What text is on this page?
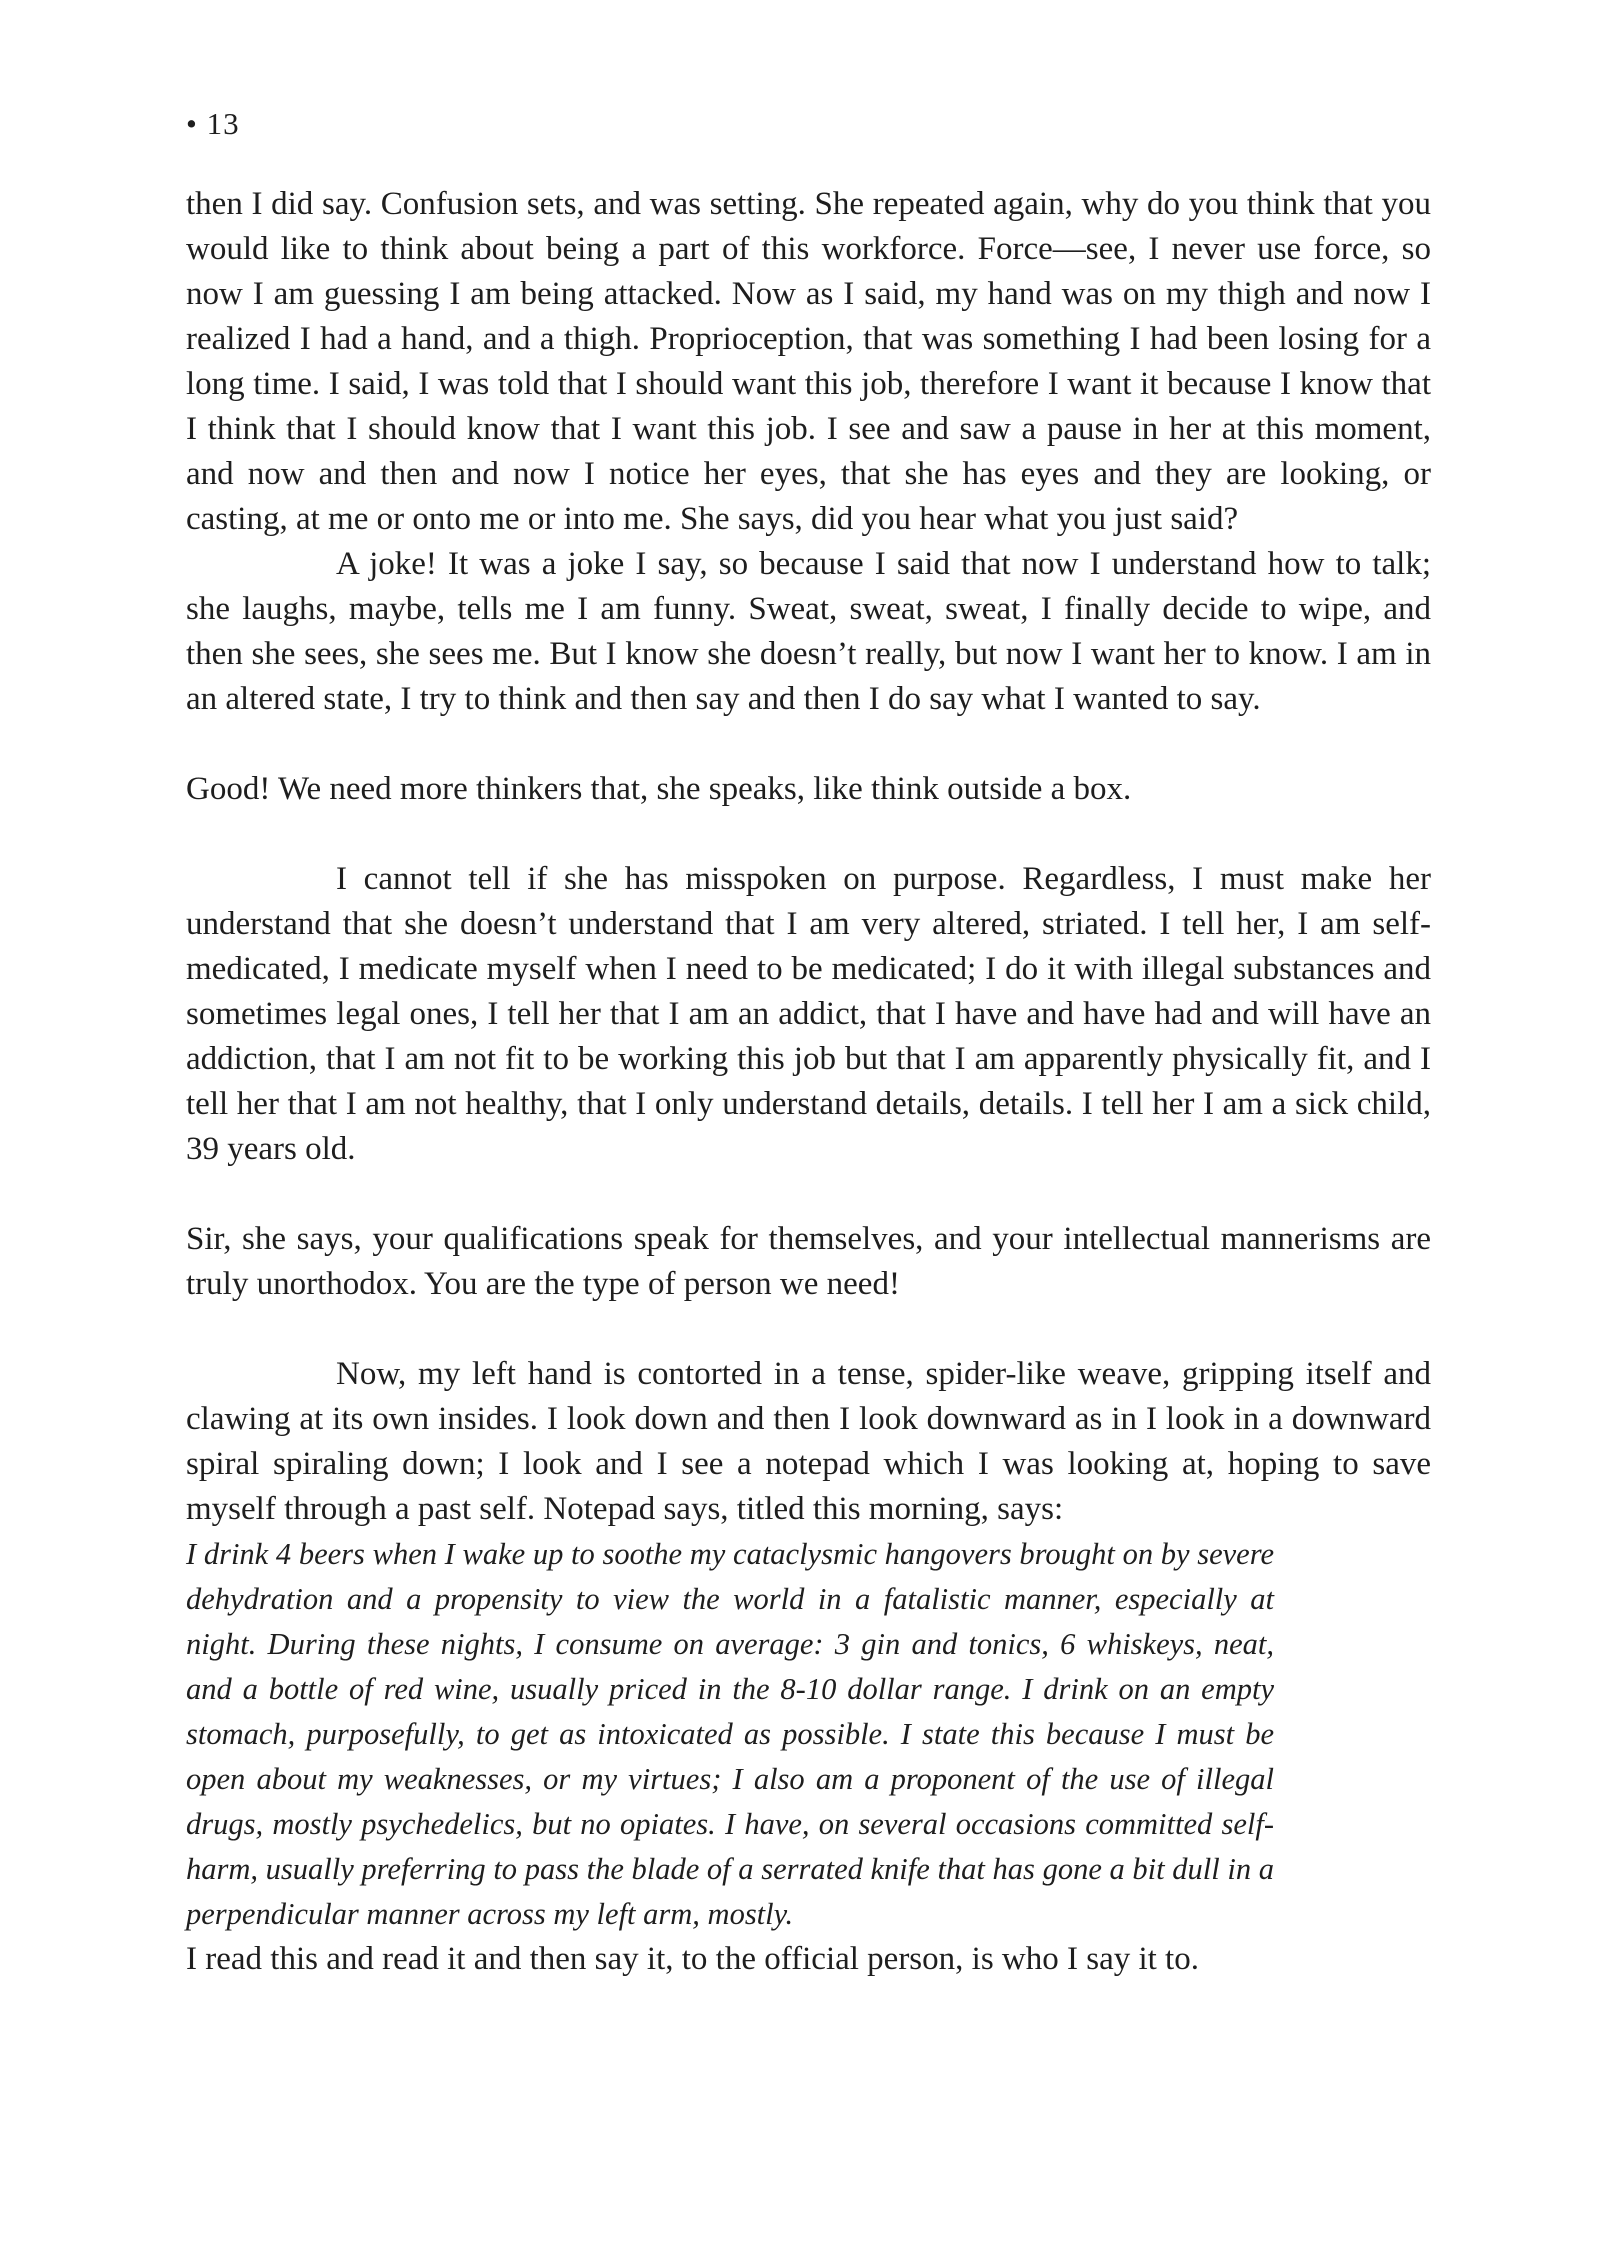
• 13

then I did say. Confusion sets, and was setting. She repeated again, why do you think that you would like to think about being a part of this workforce. Force—see, I never use force, so now I am guessing I am being attacked. Now as I said, my hand was on my thigh and now I realized I had a hand, and a thigh. Proprioception, that was something I had been losing for a long time. I said, I was told that I should want this job, therefore I want it because I know that I think that I should know that I want this job. I see and saw a pause in her at this moment, and now and then and now I notice her eyes, that she has eyes and they are looking, or casting, at me or onto me or into me. She says, did you hear what you just said?

A joke! It was a joke I say, so because I said that now I understand how to talk; she laughs, maybe, tells me I am funny. Sweat, sweat, sweat, I finally decide to wipe, and then she sees, she sees me. But I know she doesn’t really, but now I want her to know. I am in an altered state, I try to think and then say and then I do say what I wanted to say.

Good! We need more thinkers that, she speaks, like think outside a box.

I cannot tell if she has misspoken on purpose. Regardless, I must make her understand that she doesn’t understand that I am very altered, striated. I tell her, I am self-medicated, I medicate myself when I need to be medicated; I do it with illegal substances and sometimes legal ones, I tell her that I am an addict, that I have and have had and will have an addiction, that I am not fit to be working this job but that I am apparently physically fit, and I tell her that I am not healthy, that I only understand details, details. I tell her I am a sick child, 39 years old.

Sir, she says, your qualifications speak for themselves, and your intellectual mannerisms are truly unorthodox. You are the type of person we need!

Now, my left hand is contorted in a tense, spider-like weave, gripping itself and clawing at its own insides. I look down and then I look downward as in I look in a downward spiral spiraling down; I look and I see a notepad which I was looking at, hoping to save myself through a past self. Notepad says, titled this morning, says:

I drink 4 beers when I wake up to soothe my cataclysmic hangovers brought on by severe dehydration and a propensity to view the world in a fatalistic manner, especially at night. During these nights, I consume on average: 3 gin and tonics, 6 whiskeys, neat, and a bottle of red wine, usually priced in the 8-10 dollar range. I drink on an empty stomach, purposefully, to get as intoxicated as possible. I state this because I must be open about my weaknesses, or my virtues; I also am a proponent of the use of illegal drugs, mostly psychedelics, but no opiates. I have, on several occasions committed self-harm, usually preferring to pass the blade of a serrated knife that has gone a bit dull in a perpendicular manner across my left arm, mostly.

I read this and read it and then say it, to the official person, is who I say it to.
